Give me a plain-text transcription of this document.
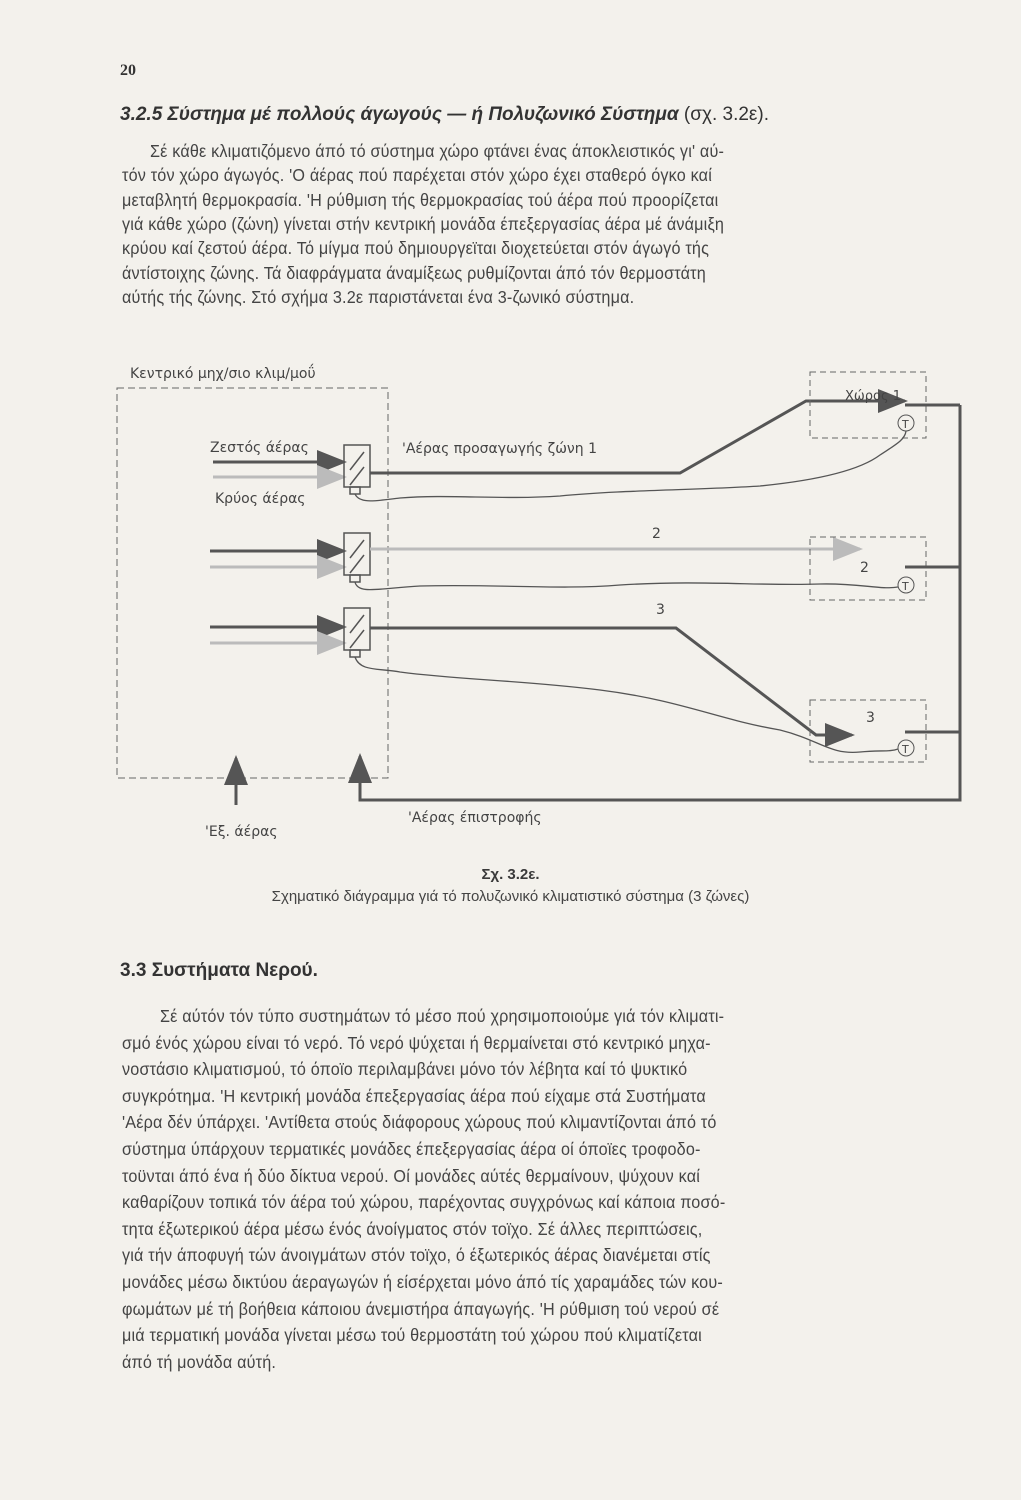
20
3.2.5 Σύστημα μέ πολλούς άγωγούς — ή Πολυζωνικό Σύστημα (σχ. 3.2ε).
Σέ κάθε κλιματιζόμενο άπό τό σύστημα χώρο φτάνει ένας άποκλειστικός γι' αύ-
τόν τόν χώρο άγωγός. 'Ο άέρας πού παρέχεται στόν χώρο έχει σταθερό όγκο καί
μεταβλητή θερμοκρασία. 'Η ρύθμιση τής θερμοκρασίας τού άέρα πού προορίζεται
γιά κάθε χώρο (ζώνη) γίνεται στήν κεντρική μονάδα έπεξεργασίας άέρα μέ άνάμιξη
κρύου καί ζεστού άέρα. Τό μίγμα πού δημιουργεϊται διοχετεύεται στόν άγωγό τής
άντίστοιχης ζώνης. Τά διαφράγματα άναμίξεως ρυθμίζονται άπό τόν θερμοστάτη
αύτής τής ζώνης. Στό σχήμα 3.2ε παριστάνεται ένα 3-ζωνικό σύστημα.
Κεντρικό μηχ/σιο κλιμ/μοΰ
Ζεστός άέρας
Κρύος άέρας
'Αέρας προσαγωγής ζώνη 1
2
3
Χώρος 1
2
3
T
T
T
'Αέρας έπιστροφής
'Εξ. άέρας
Σχ. 3.2ε.
Σχηματικό διάγραμμα γιά τό πολυζωνικό κλιματιστικό σύστημα (3 ζώνες)
3.3 Συστήματα Νερού.
Σέ αύτόν τόν τύπο συστημάτων τό μέσο πού χρησιμοποιούμε γιά τόν κλιματι-
σμό ένός χώρου είναι τό νερό. Τό νερό ψύχεται ή θερμαίνεται στό κεντρικό μηχα-
νοστάσιο κλιματισμού, τό όποϊο περιλαμβάνει μόνο τόν λέβητα καί τό ψυκτικό
συγκρότημα. 'Η κεντρική μονάδα έπεξεργασίας άέρα πού είχαμε στά Συστήματα
'Αέρα δέν ύπάρχει. 'Αντίθετα στούς διάφορους χώρους πού κλιμαντίζονται άπό τό
σύστημα ύπάρχουν τερματικές μονάδες έπεξεργασίας άέρα οί όποϊες τροφοδο-
τοϋνται άπό ένα ή δύο δίκτυα νερού. Οί μονάδες αύτές θερμαίνουν, ψύχουν καί
καθαρίζουν τοπικά τόν άέρα τού χώρου, παρέχοντας συγχρόνως καί κάποια ποσό-
τητα έξωτερικού άέρα μέσω ένός άνοίγματος στόν τοϊχο. Σέ άλλες περιπτώσεις,
γιά τήν άποφυγή τών άνοιγμάτων στόν τοϊχο, ό έξωτερικός άέρας διανέμεται στίς
μονάδες μέσω δικτύου άεραγωγών ή είσέρχεται μόνο άπό τίς χαραμάδες τών κου-
φωμάτων μέ τή βοήθεια κάποιου άνεμιστήρα άπαγωγής. 'Η ρύθμιση τού νερού σέ
μιά τερματική μονάδα γίνεται μέσω τού θερμοστάτη τού χώρου πού κλιματίζεται
άπό τή μονάδα αύτή.
